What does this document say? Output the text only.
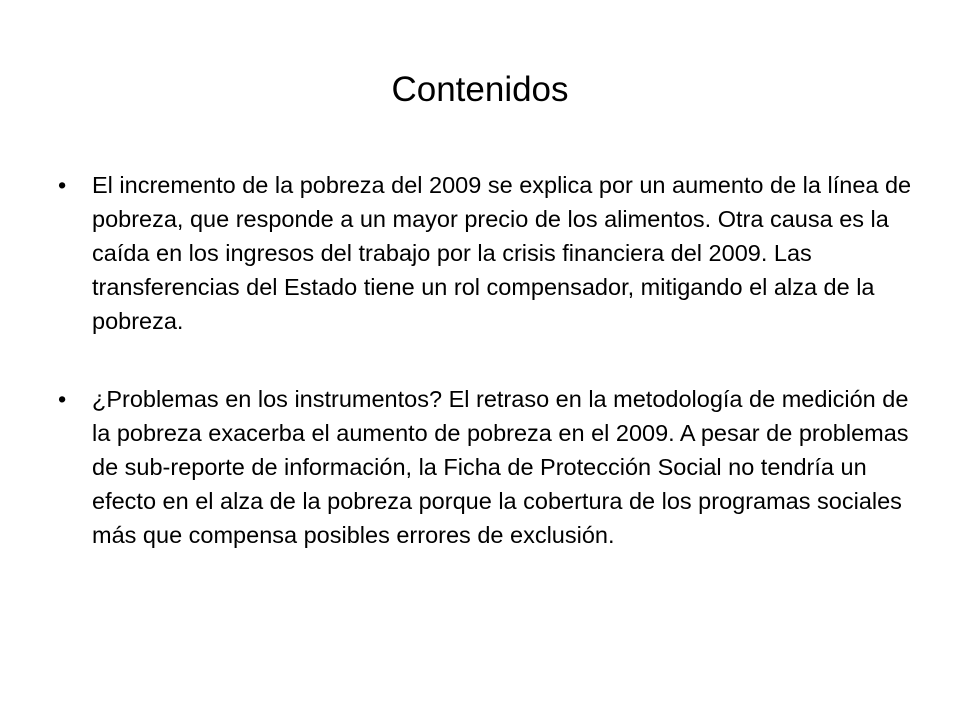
Contenidos
• El incremento de la pobreza del 2009 se explica por un aumento de la línea de pobreza, que responde a un mayor precio de los alimentos. Otra causa es la caída en los ingresos del trabajo por la crisis financiera del 2009. Las transferencias del Estado tiene un rol compensador, mitigando el alza de la pobreza.
• ¿Problemas en los instrumentos? El retraso en la metodología de medición de la pobreza exacerba el aumento de pobreza en el 2009. A pesar de problemas de sub-reporte de información, la Ficha de Protección Social no tendría un efecto en el alza de la pobreza porque la cobertura de los programas sociales más que compensa posibles errores de exclusión.
